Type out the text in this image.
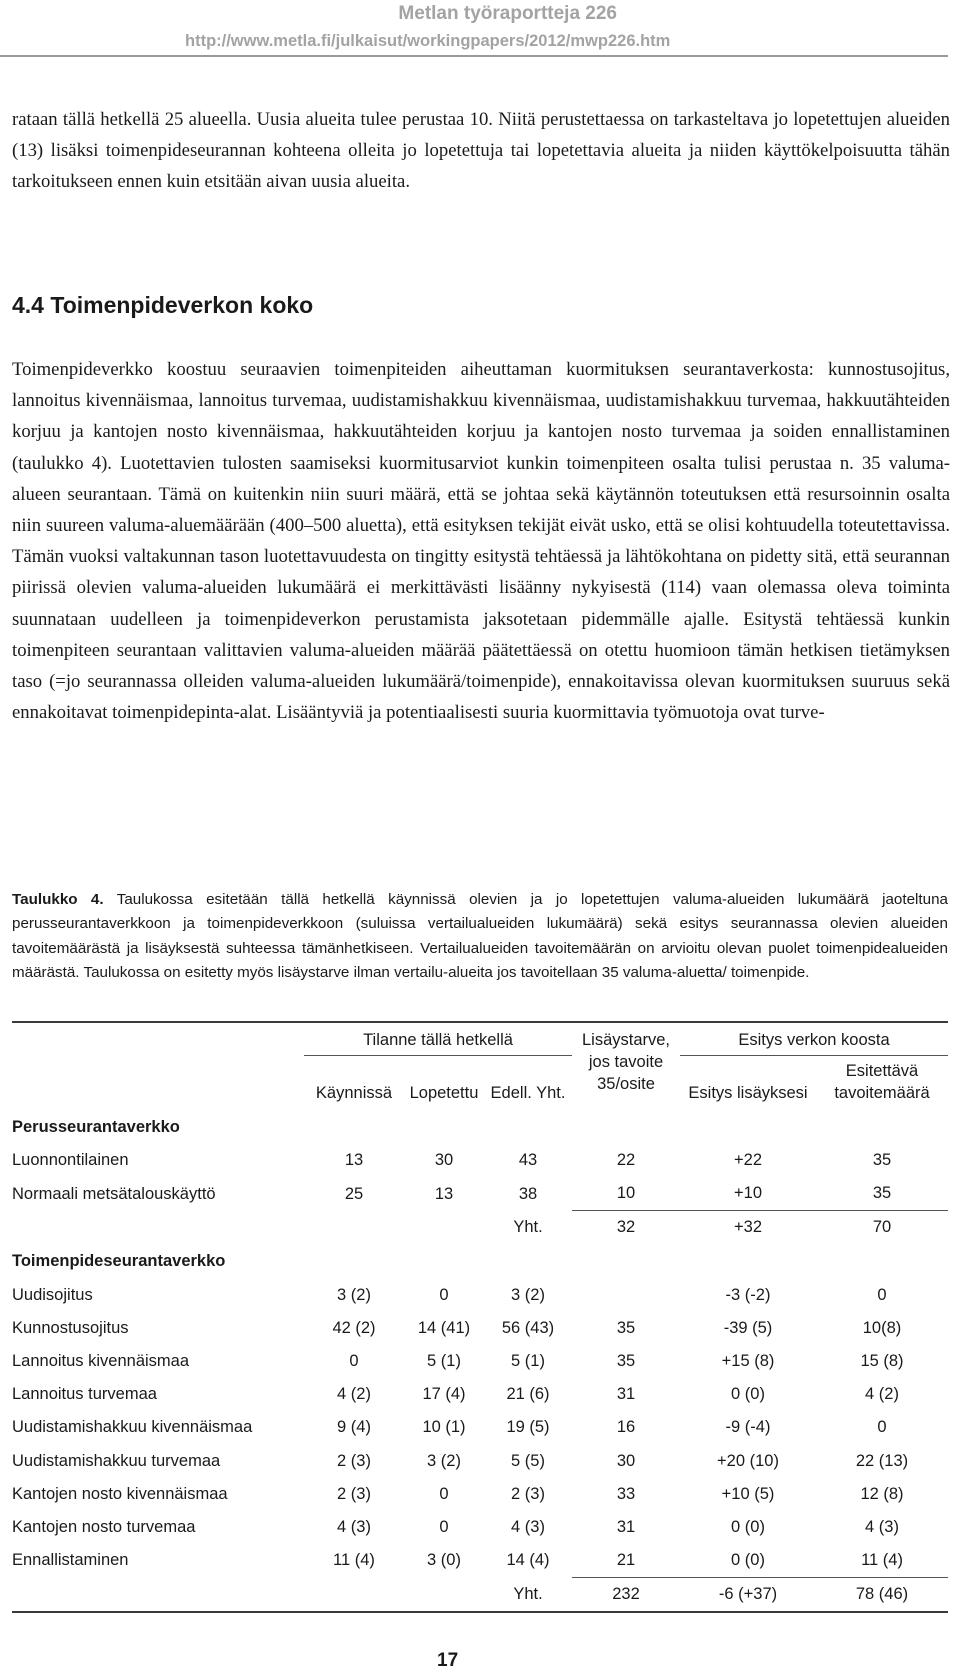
Metlan työraportteja 226
http://www.metla.fi/julkaisut/workingpapers/2012/mwp226.htm

rataan tällä hetkellä 25 alueella. Uusia alueita tulee perustaa 10. Niitä perustettaessa on tarkasteltava jo lopetettujen alueiden (13) lisäksi toimenpideseurannan kohteena olleita jo lopetettuja tai lopetettavia alueita ja niiden käyttökelpoisuutta tähän tarkoitukseen ennen kuin etsitään aivan uusia alueita.

4.4 Toimenpideverkon koko

Toimenpideverkko koostuu seuraavien toimenpiteiden aiheuttaman kuormituksen seurantaverkosta: kunnostusojitus, lannoitus kivennäismaa, lannoitus turvemaa, uudistamishakkuu kivennäismaa, uudistamishakkuu turvemaa, hakkuutähteiden korjuu ja kantojen nosto kivennäismaa, hakkuutähteiden korjuu ja kantojen nosto turvemaa ja soiden ennallistaminen (taulukko 4). Luotettavien tulosten saamiseksi kuormitusarviot kunkin toimenpiteen osalta tulisi perustaa n. 35 valuma-alueen seurantaan. Tämä on kuitenkin niin suuri määrä, että se johtaa sekä käytännön toteutuksen että resursoinnin osalta niin suureen valuma-aluemäärään (400–500 aluetta), että esityksen tekijät eivät usko, että se olisi kohtuudella toteutettavissa. Tämän vuoksi valtakunnan tason luotettavuudesta on tingitty esitystä tehtäessä ja lähtökohtana on pidetty sitä, että seurannan piirissä olevien valuma-alueiden lukumäärä ei merkittävästi lisäänny nykyisestä (114) vaan olemassa oleva toiminta suunnataan uudelleen ja toimenpideverkon perustamista jaksotetaan pidemmälle ajalle. Esitystä tehtäessä kunkin toimenpiteen seurantaan valittavien valuma-alueiden määrää päätettäessä on otettu huomioon tämän hetkisen tietämyksen taso (=jo seurannassa olleiden valuma-alueiden lukumäärä/toimenpide), ennakoitavissa olevan kuormituksen suuruus sekä ennakoitavat toimenpidepinta-alat. Lisääntyviä ja potentiaalisesti suuria kuormittavia työmuotoja ovat turve-

Taulukko 4. Taulukossa esitetään tällä hetkellä käynnissä olevien ja jo lopetettujen valuma-alueiden lukumäärä jaoteltuna perusseurantaverkkoon ja toimenpideverkkoon (suluissa vertailualueiden lukumäärä) sekä esitys seurannassa olevien alueiden tavoitemäärästä ja lisäyksestä suhteessa tämänhetkiseen. Vertailualueiden tavoitemäärän on arvioitu olevan puolet toimenpidealueiden määrästä. Taulukossa on esitetty myös lisäystarve ilman vertailu-alueita jos tavoitellaan 35 valuma-aluetta/ toimenpide.

	Tilanne tällä hetkellä			Lisäystarve, jos tavoite 35/osite	Esitys verkon koosta	
	Käynnissä	Lopetettu	Edell. Yht.		Esitys lisäyksesi	Esitettävä tavoitemäärä
Perusseurantaverkko						
Luonnontilainen	13	30	43	22	+22	35
Normaali metsätalouskäyttö	25	13	38	10	+10	35
			Yht.	32	+32	70
Toimenpideseurantaverkko						
Uudisojitus	3 (2)	0	3 (2)		-3 (-2)	0
Kunnostusojitus	42 (2)	14 (41)	56 (43)	35	-39 (5)	10(8)
Lannoitus kivennäismaa	0	5 (1)	5 (1)	35	+15 (8)	15 (8)
Lannoitus turvemaa	4 (2)	17 (4)	21 (6)	31	0 (0)	4 (2)
Uudistamishakkuu kivennäismaa	9 (4)	10 (1)	19 (5)	16	-9 (-4)	0
Uudistamishakkuu turvemaa	2 (3)	3 (2)	5 (5)	30	+20 (10)	22 (13)
Kantojen nosto kivennäismaa	2 (3)	0	2 (3)	33	+10 (5)	12 (8)
Kantojen nosto turvemaa	4 (3)	0	4 (3)	31	0 (0)	4 (3)
Ennallistaminen	11 (4)	3 (0)	14 (4)	21	0 (0)	11 (4)
			Yht.	232	-6 (+37)	78 (46)
17
